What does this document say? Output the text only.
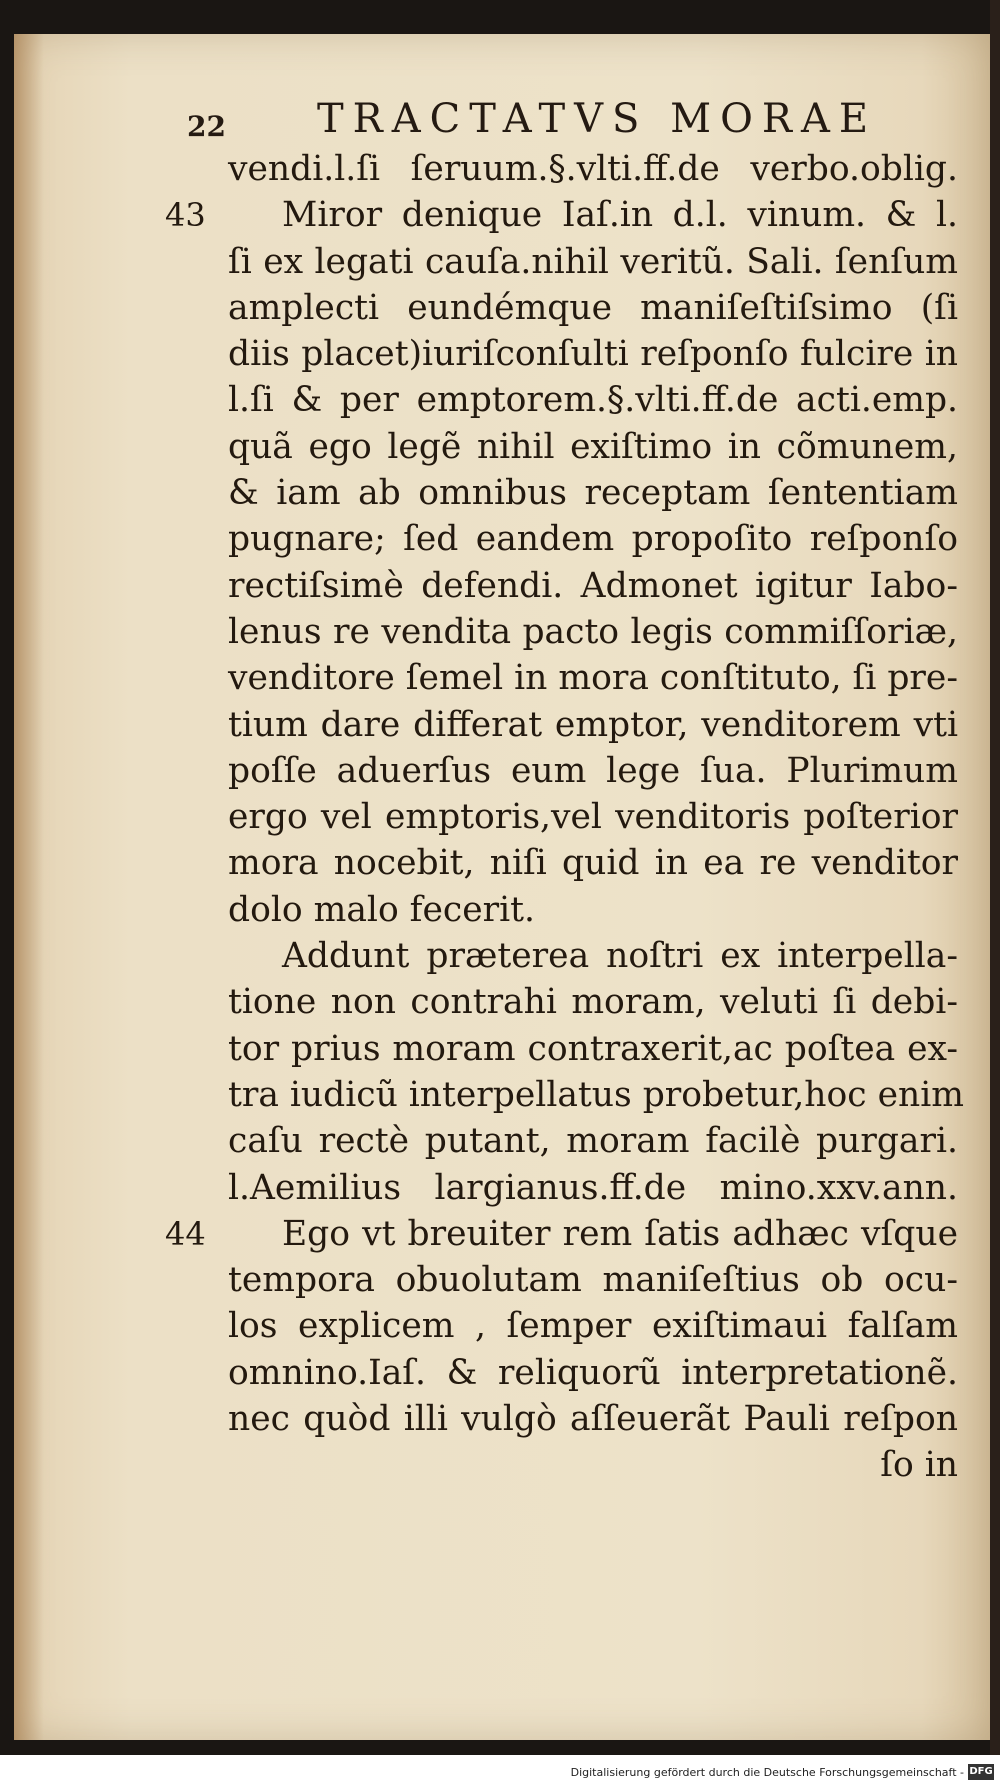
22 TRACTATVS MORAE
vendi.l.ſi ſeruum.§.vlti.ff.de verbo.oblig.
Miror denique Iaſ.in d.l. vinum. & l.
43
ſi ex legati cauſa.nihil veritũ. Sali. ſenſum
amplecti eundémque maniſeſtiſsimo (ſi
diis placet)iuriſconſulti reſponſo fulcire in
l.ſi & per emptorem.§.vlti.ff.de acti.emp.
quã ego legẽ nihil exiſtimo in cõmunem,
& iam ab omnibus receptam ſententiam
pugnare; ſed eandem propoſito reſponſo
rectiſsimè defendi. Admonet igitur Iabo-
lenus re vendita pacto legis commiſſoriæ,
venditore ſemel in mora conſtituto, ſi pre-
tium dare differat emptor, venditorem vti
poſſe aduerſus eum lege ſua. Plurimum
ergo vel emptoris,vel venditoris poſterior
mora nocebit, niſi quid in ea re venditor
dolo malo fecerit.
Addunt præterea noſtri ex interpella-
tione non contrahi moram, veluti ſi debi-
tor prius moram contraxerit,ac poſtea ex-
tra iudicũ interpellatus probetur,hoc enim
caſu rectè putant, moram facilè purgari.
l.Aemilius largianus.ff.de mino.xxv.ann.
Ego vt breuiter rem ſatis adhæc vſque
44
tempora obuolutam maniſeſtius ob ocu-
los explicem , ſemper exiſtimaui falſam
omnino.Iaſ. & reliquorũ interpretationẽ.
nec quòd illi vulgò aſſeuerãt Pauli reſpon
ſo in
Digitalisierung gefördert durch die Deutsche Forschungsgemeinschaft - DFG
